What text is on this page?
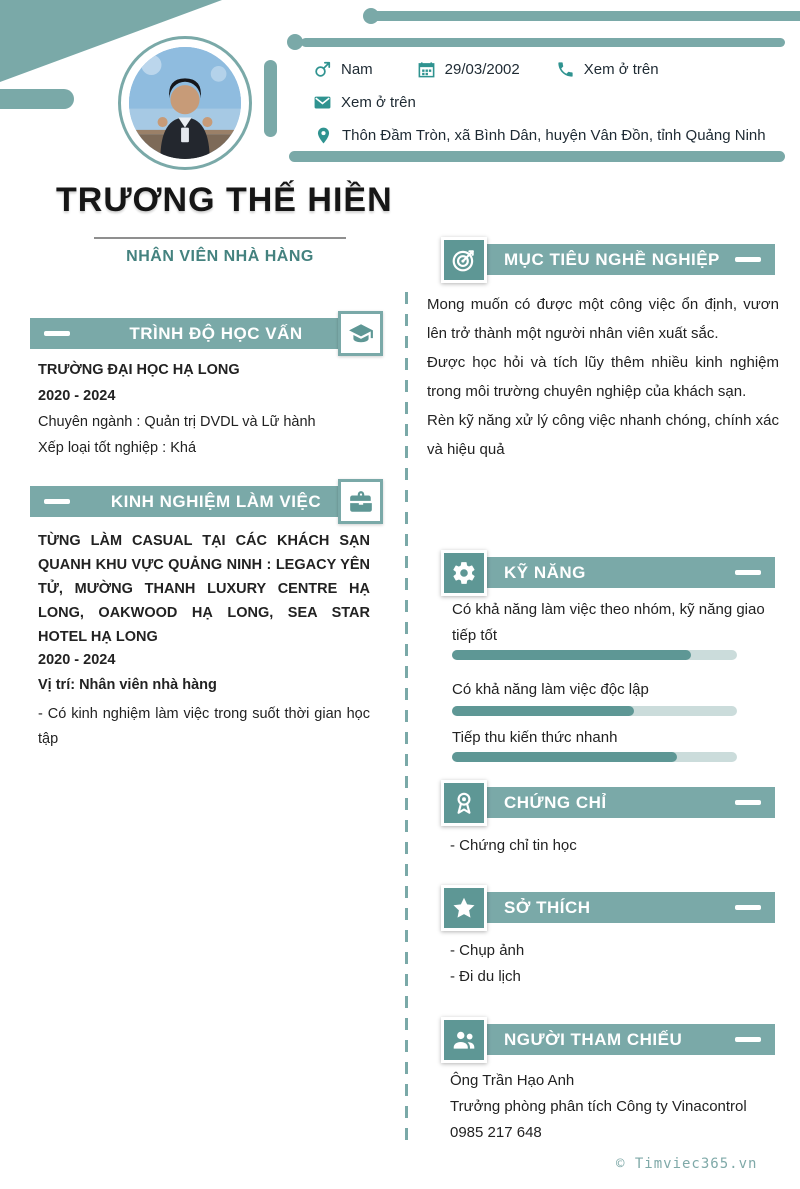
Nam	29/03/2002	Xem ở trên
Xem ở trên
Thôn Đầm Tròn, xã Bình Dân, huyện Vân Đồn, tỉnh Quảng Ninh
TRƯƠNG THẾ HIỀN
NHÂN VIÊN NHÀ HÀNG
TRÌNH ĐỘ HỌC VẤN
TRƯỜNG ĐẠI HỌC HẠ LONG
2020 - 2024
Chuyên ngành : Quản trị DVDL và Lữ hành
Xếp loại tốt nghiệp : Khá
KINH NGHIỆM LÀM VIỆC
TỪNG LÀM CASUAL TẠI CÁC KHÁCH SẠN QUANH KHU VỰC QUẢNG NINH : LEGACY YÊN TỬ, MƯỜNG THANH LUXURY CENTRE HẠ LONG, OAKWOOD HẠ LONG, SEA STAR HOTEL HẠ LONG
2020 - 2024
Vị trí: Nhân viên nhà hàng
- Có kinh nghiệm làm việc trong suốt thời gian học tập
MỤC TIÊU NGHỀ NGHIỆP
Mong muốn có được một công việc ổn định, vươn lên trở thành một người nhân viên xuất sắc.
Được học hỏi và tích lũy thêm nhiều kinh nghiệm trong môi trường chuyên nghiệp của khách sạn.
Rèn kỹ năng xử lý công việc nhanh chóng, chính xác và hiệu quả
KỸ NĂNG
Có khả năng làm việc theo nhóm, kỹ năng giao tiếp tốt
Có khả năng làm việc độc lập
Tiếp thu kiến thức nhanh
CHỨNG CHỈ
- Chứng chỉ tin học
SỞ THÍCH
- Chụp ảnh
- Đi du lịch
NGƯỜI THAM CHIẾU
Ông Trần Hạo Anh
Trưởng phòng phân tích Công ty Vinacontrol
0985 217 648
© Timviec365.vn
